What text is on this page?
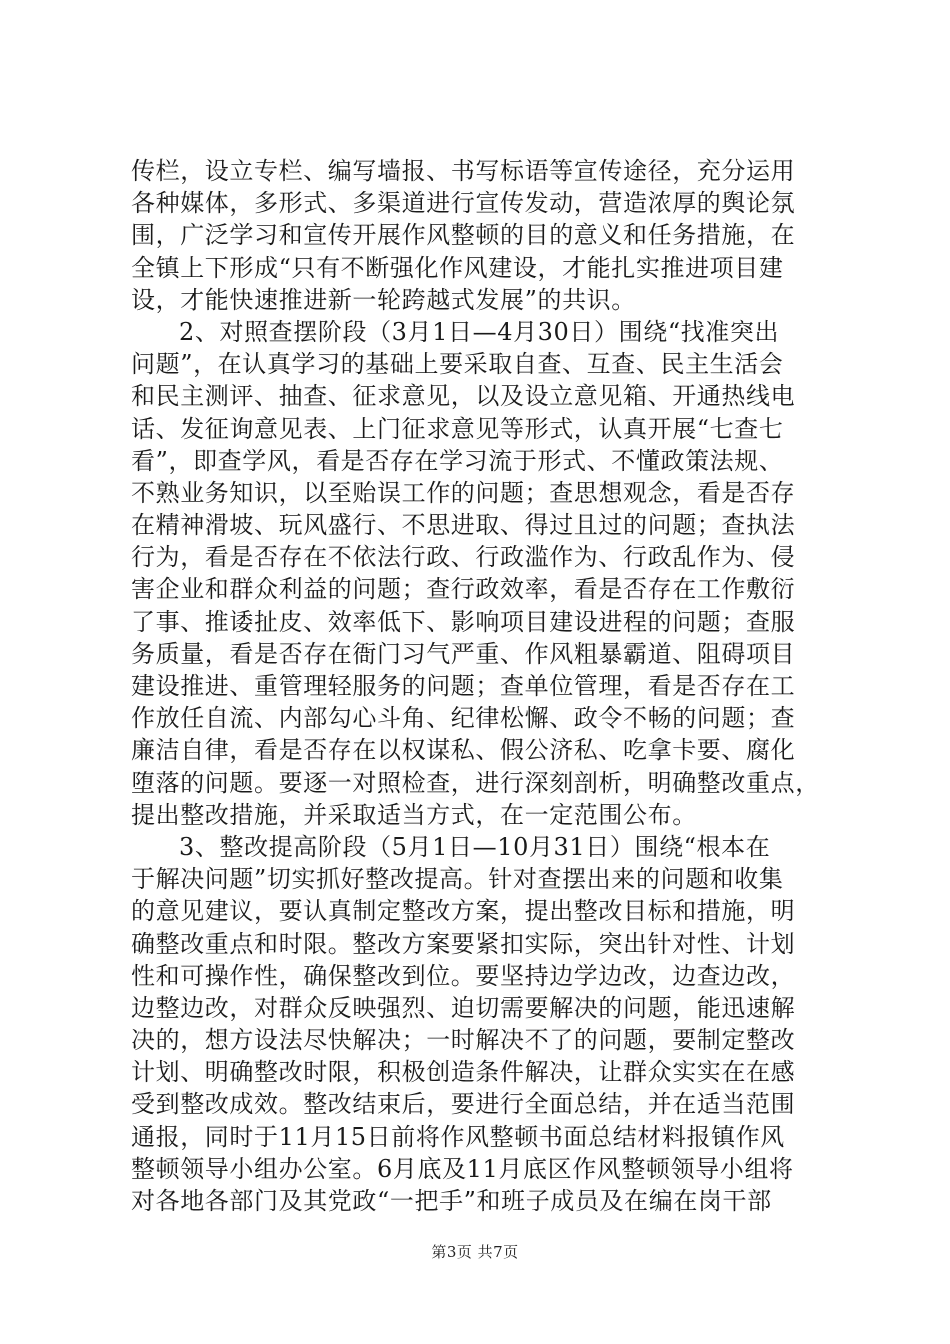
传栏，设立专栏、编写墙报、书写标语等宣传途径，充分运用
各种媒体，多形式、多渠道进行宣传发动，营造浓厚的舆论氛
围，广泛学习和宣传开展作风整顿的目的意义和任务措施，在
全镇上下形成“只有不断强化作风建设，才能扎实推进项目建
设，才能快速推进新一轮跨越式发展”的共识。
2、对照查摆阶段（3月1日—4月30日）围绕“找准突出
问题”，在认真学习的基础上要采取自查、互查、民主生活会
和民主测评、抽查、征求意见，以及设立意见箱、开通热线电
话、发征询意见表、上门征求意见等形式，认真开展“七查七
看”，即查学风，看是否存在学习流于形式、不懂政策法规、
不熟业务知识，以至贻误工作的问题；查思想观念，看是否存
在精神滑坡、玩风盛行、不思进取、得过且过的问题；查执法
行为，看是否存在不依法行政、行政滥作为、行政乱作为、侵
害企业和群众利益的问题；查行政效率，看是否存在工作敷衍
了事、推诿扯皮、效率低下、影响项目建设进程的问题；查服
务质量，看是否存在衙门习气严重、作风粗暴霸道、阻碍项目
建设推进、重管理轻服务的问题；查单位管理，看是否存在工
作放任自流、内部勾心斗角、纪律松懈、政令不畅的问题；查
廉洁自律，看是否存在以权谋私、假公济私、吃拿卡要、腐化
堕落的问题。要逐一对照检查，进行深刻剖析，明确整改重点，
提出整改措施，并采取适当方式，在一定范围公布。
3、整改提高阶段（5月1日—10月31日）围绕“根本在
于解决问题”切实抓好整改提高。针对查摆出来的问题和收集
的意见建议，要认真制定整改方案，提出整改目标和措施，明
确整改重点和时限。整改方案要紧扣实际，突出针对性、计划
性和可操作性，确保整改到位。要坚持边学边改，边查边改，
边整边改，对群众反映强烈、迫切需要解决的问题，能迅速解
决的，想方设法尽快解决；一时解决不了的问题，要制定整改
计划、明确整改时限，积极创造条件解决，让群众实实在在感
受到整改成效。整改结束后，要进行全面总结，并在适当范围
通报，同时于11月15日前将作风整顿书面总结材料报镇作风
整顿领导小组办公室。6月底及11月底区作风整顿领导小组将
对各地各部门及其党政“一把手”和班子成员及在编在岗干部
第3页 共7页
